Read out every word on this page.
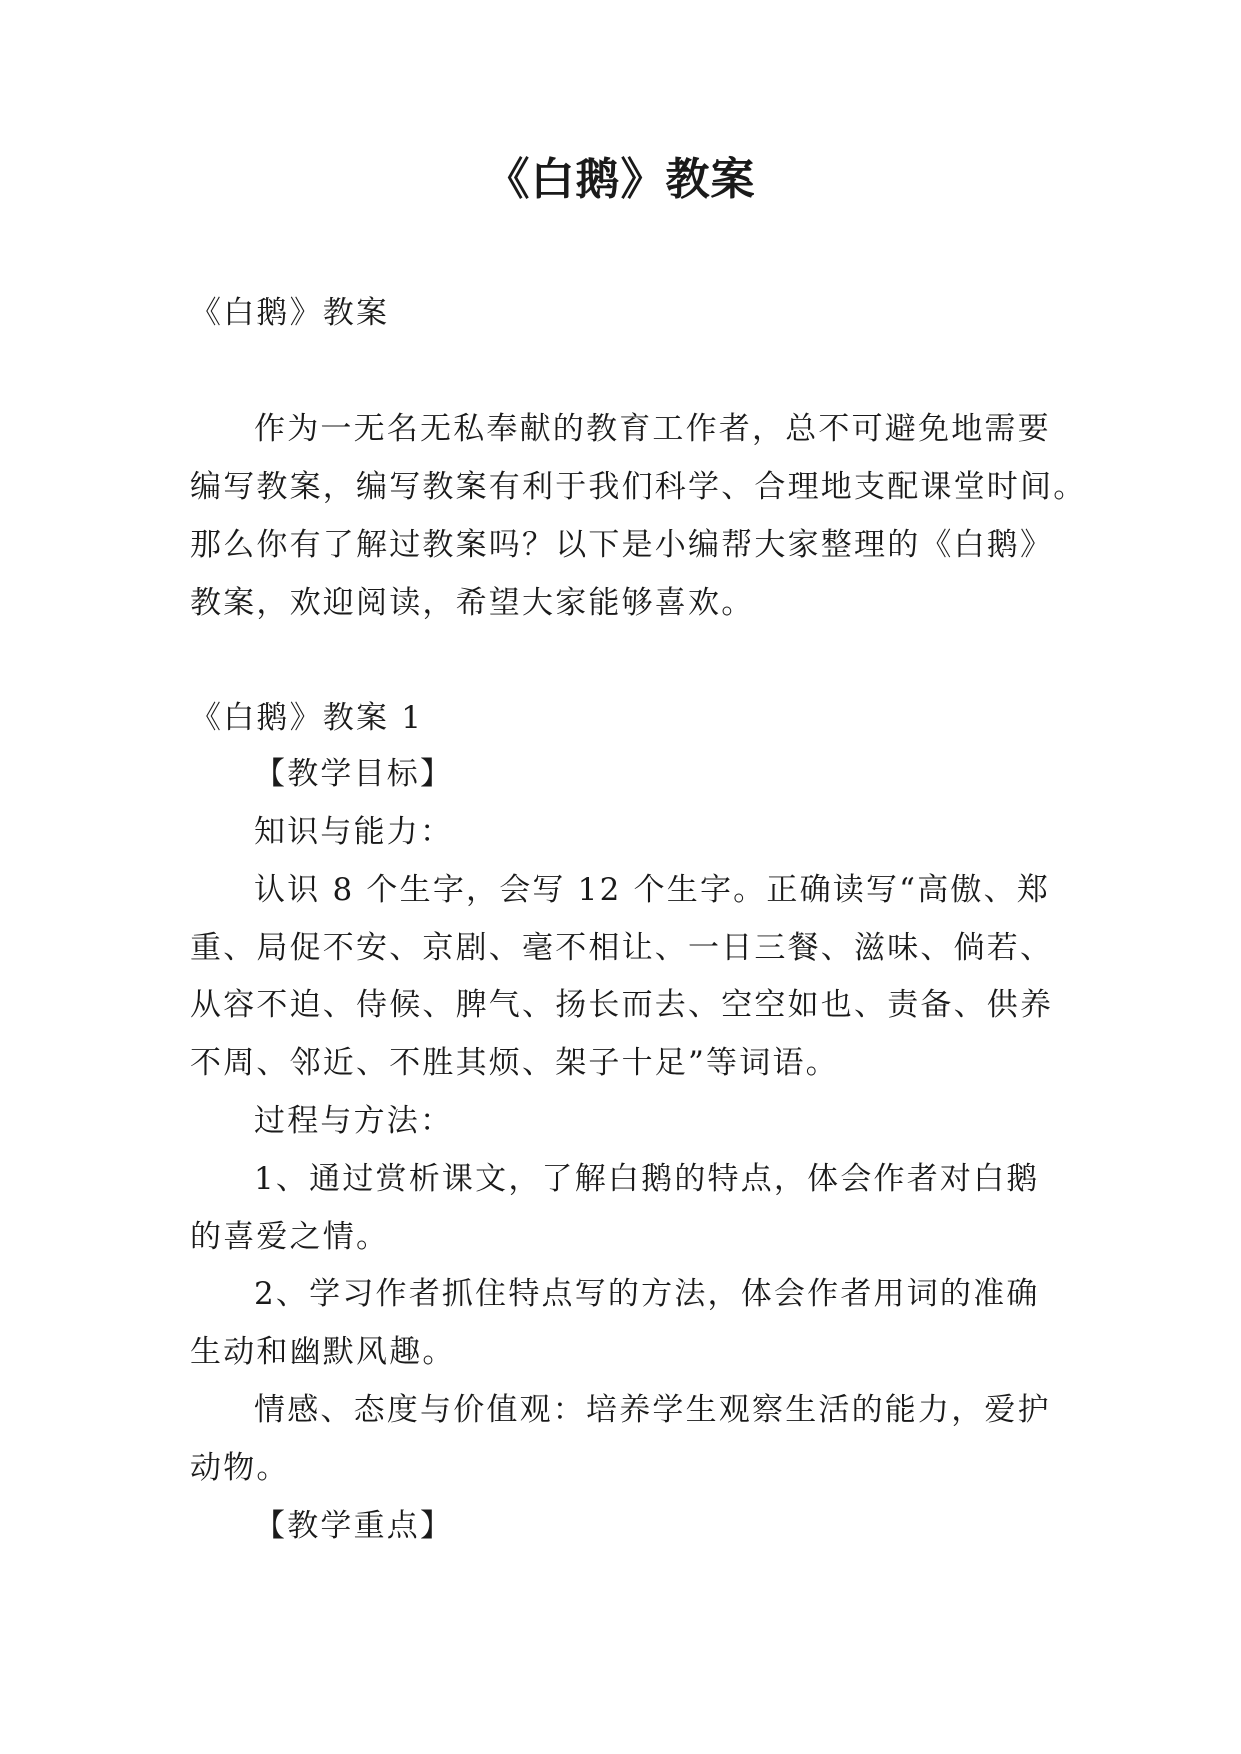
《白鹅》教案
《白鹅》教案
作为一无名无私奉献的教育工作者，总不可避免地需要
编写教案，编写教案有利于我们科学、合理地支配课堂时间。
那么你有了解过教案吗？以下是小编帮大家整理的《白鹅》
教案，欢迎阅读，希望大家能够喜欢。
《白鹅》教案 1
【教学目标】
知识与能力：
认识 8 个生字，会写 12 个生字。正确读写“高傲、郑
重、局促不安、京剧、毫不相让、一日三餐、滋味、倘若、
从容不迫、侍候、脾气、扬长而去、空空如也、责备、供养
不周、邻近、不胜其烦、架子十足”等词语。
过程与方法：
1、通过赏析课文，了解白鹅的特点，体会作者对白鹅
的喜爱之情。
2、学习作者抓住特点写的方法，体会作者用词的准确
生动和幽默风趣。
情感、态度与价值观：培养学生观察生活的能力，爱护
动物。
【教学重点】
